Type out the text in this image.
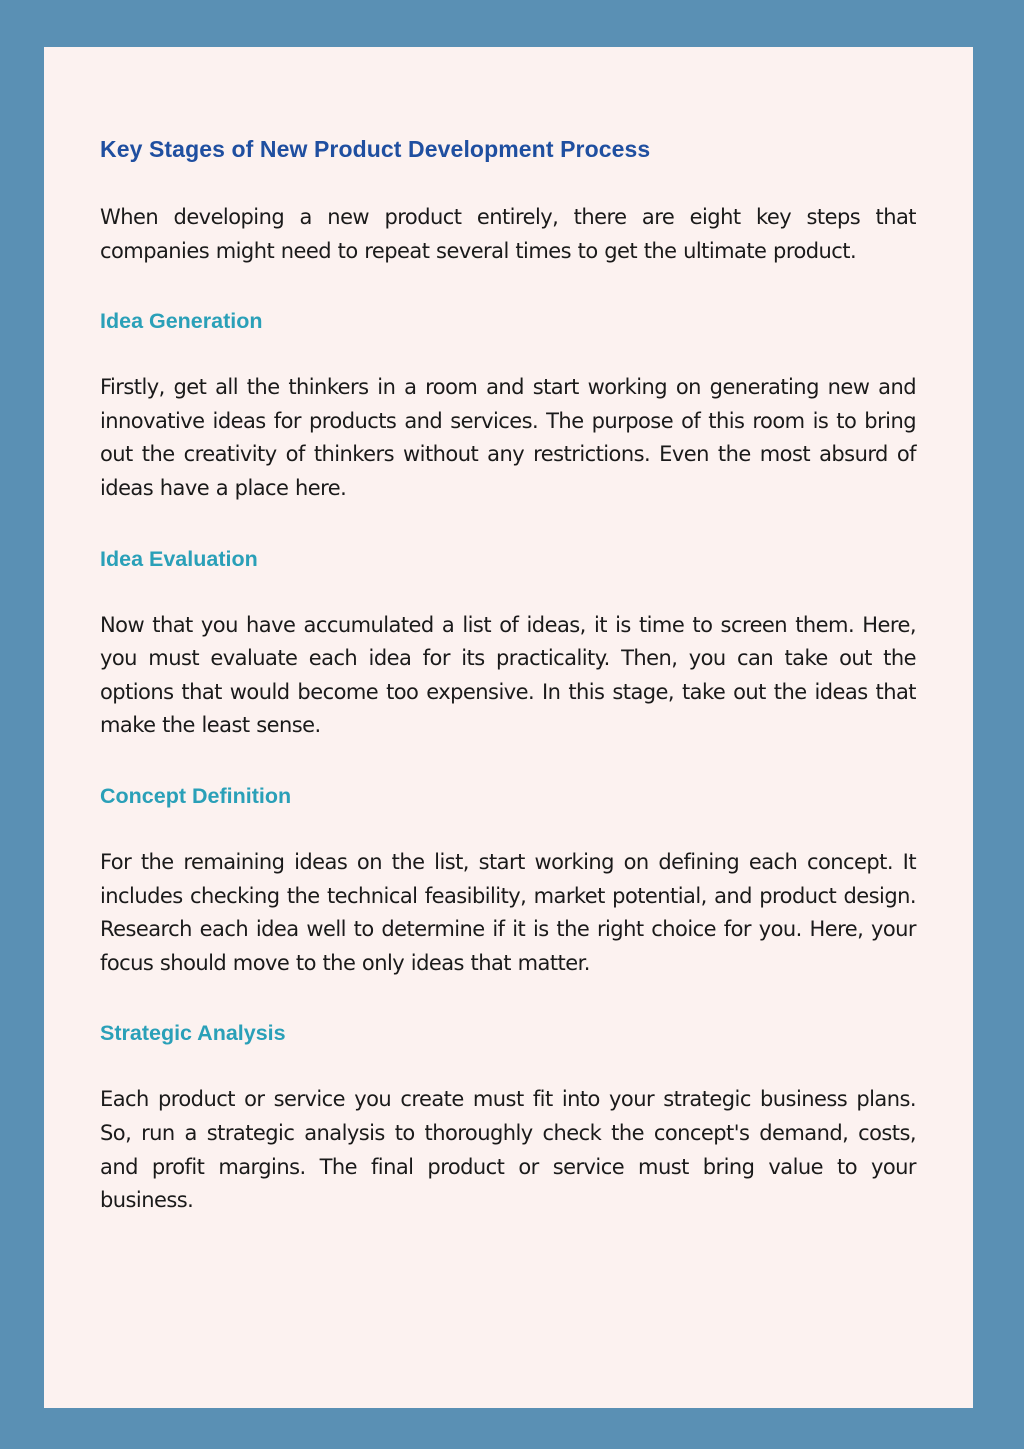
Key Stages of New Product Development Process

When developing a new product entirely, there are eight key steps that companies might need to repeat several times to get the ultimate product.

Idea Generation

Firstly, get all the thinkers in a room and start working on generating new and innovative ideas for products and services. The purpose of this room is to bring out the creativity of thinkers without any restrictions. Even the most absurd of ideas have a place here.

Idea Evaluation

Now that you have accumulated a list of ideas, it is time to screen them. Here, you must evaluate each idea for its practicality. Then, you can take out the options that would become too expensive. In this stage, take out the ideas that make the least sense.

Concept Definition

For the remaining ideas on the list, start working on defining each concept. It includes checking the technical feasibility, market potential, and product design. Research each idea well to determine if it is the right choice for you. Here, your focus should move to the only ideas that matter.

Strategic Analysis

Each product or service you create must fit into your strategic business plans. So, run a strategic analysis to thoroughly check the concept's demand, costs, and profit margins. The final product or service must bring value to your business.
